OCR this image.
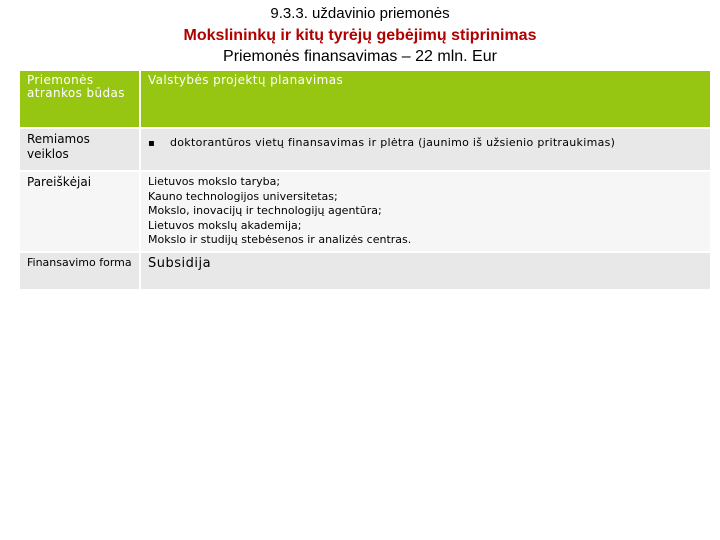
9.3.3. uždavinio priemonės
Mokslininkų ir kitų tyrėjų gebėjimų stiprinimas
Priemonės finansavimas – 22 mln. Eur
Priemonės atrankos būdas	Valstybės projektų planavimas
Remiamos veiklos	▪ doktorantūros vietų finansavimas ir plėtra (jaunimo iš užsienio pritraukimas)
Pareiškėjai	Lietuvos mokslo taryba;
Kauno technologijos universitetas;
Mokslo, inovacijų ir technologijų agentūra;
Lietuvos mokslų akademija;
Mokslo ir studijų stebėsenos ir analizės centras.

Finansavimo forma	Subsidija
